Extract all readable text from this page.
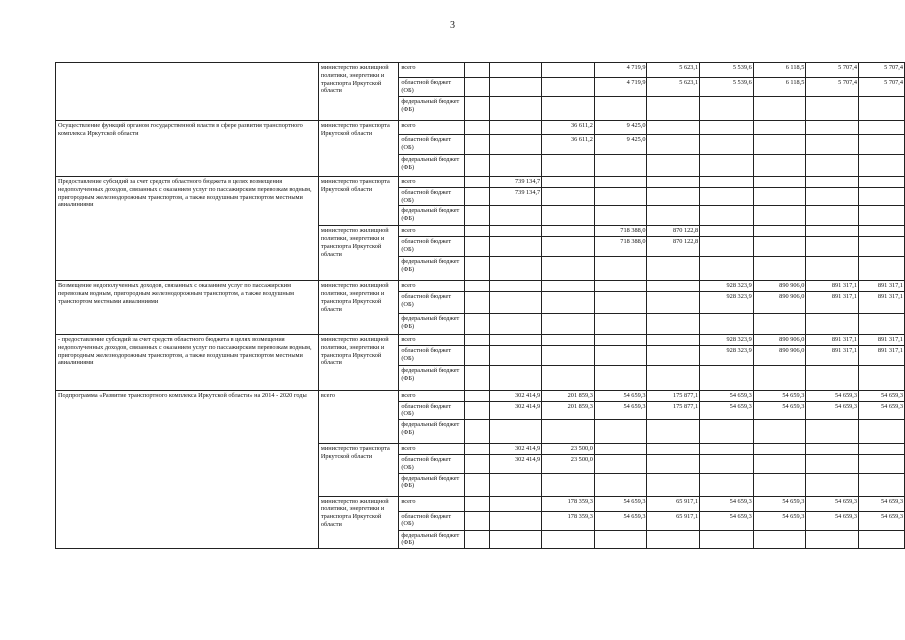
3
	министерство жилищной политики, энергетики и транспорта Иркутской области	всего				4 719,9	5 623,1	5 539,6	6 118,5	5 707,4	5 707,4
		областной бюджет (ОБ)				4 719,9	5 623,1	5 539,6	6 118,5	5 707,4	5 707,4
		федеральный бюджет (ФБ)									
Осуществление функций органом государственной власти в сфере развития транспортного комплекса Иркутской области	министерство транспорта Иркутской области	всего			36 611,2	9 425,0					
		областной бюджет (ОБ)			36 611,2	9 425,0					
		федеральный бюджет (ФБ)									
Предоставление субсидий за счет средств областного бюджета в целях возмещения недополученных доходов, связанных с оказанием услуг по пассажирским перевозкам водным, пригородным железнодорожным транспортом, а также воздушным транспортом местными авиалиниями	министерство транспорта Иркутской области	всего		739 134,7							
		областной бюджет (ОБ)		739 134,7							
		федеральный бюджет (ФБ)									
	министерство жилищной политики, энергетики и транспорта Иркутской области	всего				718 388,0	870 122,8				
		областной бюджет (ОБ)				718 388,0	870 122,8				
		федеральный бюджет (ФБ)									
Возмещение недополученных доходов, связанных с оказанием услуг по пассажирским перевозкам водным, пригородным железнодорожным транспортом, а также воздушным транспортом местными авиалиниями	министерство жилищной политики, энергетики и транспорта Иркутской области	всего						928 323,9	890 906,0	891 317,1	891 317,1
		областной бюджет (ОБ)						928 323,9	890 906,0	891 317,1	891 317,1
		федеральный бюджет (ФБ)									
- предоставление субсидий за счет средств областного бюджета в целях возмещения недополученных доходов, связанных с оказанием услуг по пассажирским перевозкам водным, пригородным железнодорожным транспортом, а также воздушным транспортом местными авиалиниями	министерство жилищной политики, энергетики и транспорта Иркутской области	всего						928 323,9	890 906,0	891 317,1	891 317,1
		областной бюджет (ОБ)						928 323,9	890 906,0	891 317,1	891 317,1
		федеральный бюджет (ФБ)									
Подпрограмма «Развитие транспортного комплекса Иркутской области» на 2014 - 2020 годы	всего	всего		302 414,9	201 859,3	54 659,3	175 877,1	54 659,3	54 659,3	54 659,3	54 659,3
		областной бюджет (ОБ)		302 414,9	201 859,3	54 659,3	175 877,1	54 659,3	54 659,3	54 659,3	54 659,3
		федеральный бюджет (ФБ)									
	министерство транспорта Иркутской области	всего		302 414,9	23 500,0						
		областной бюджет (ОБ)		302 414,9	23 500,0						
		федеральный бюджет (ФБ)									
	министерство жилищной политики, энергетики и транспорта Иркутской области	всего			178 359,3	54 659,3	65 917,1	54 659,3	54 659,3	54 659,3	54 659,3
		областной бюджет (ОБ)			178 359,3	54 659,3	65 917,1	54 659,3	54 659,3	54 659,3	54 659,3
		федеральный бюджет (ФБ)									
